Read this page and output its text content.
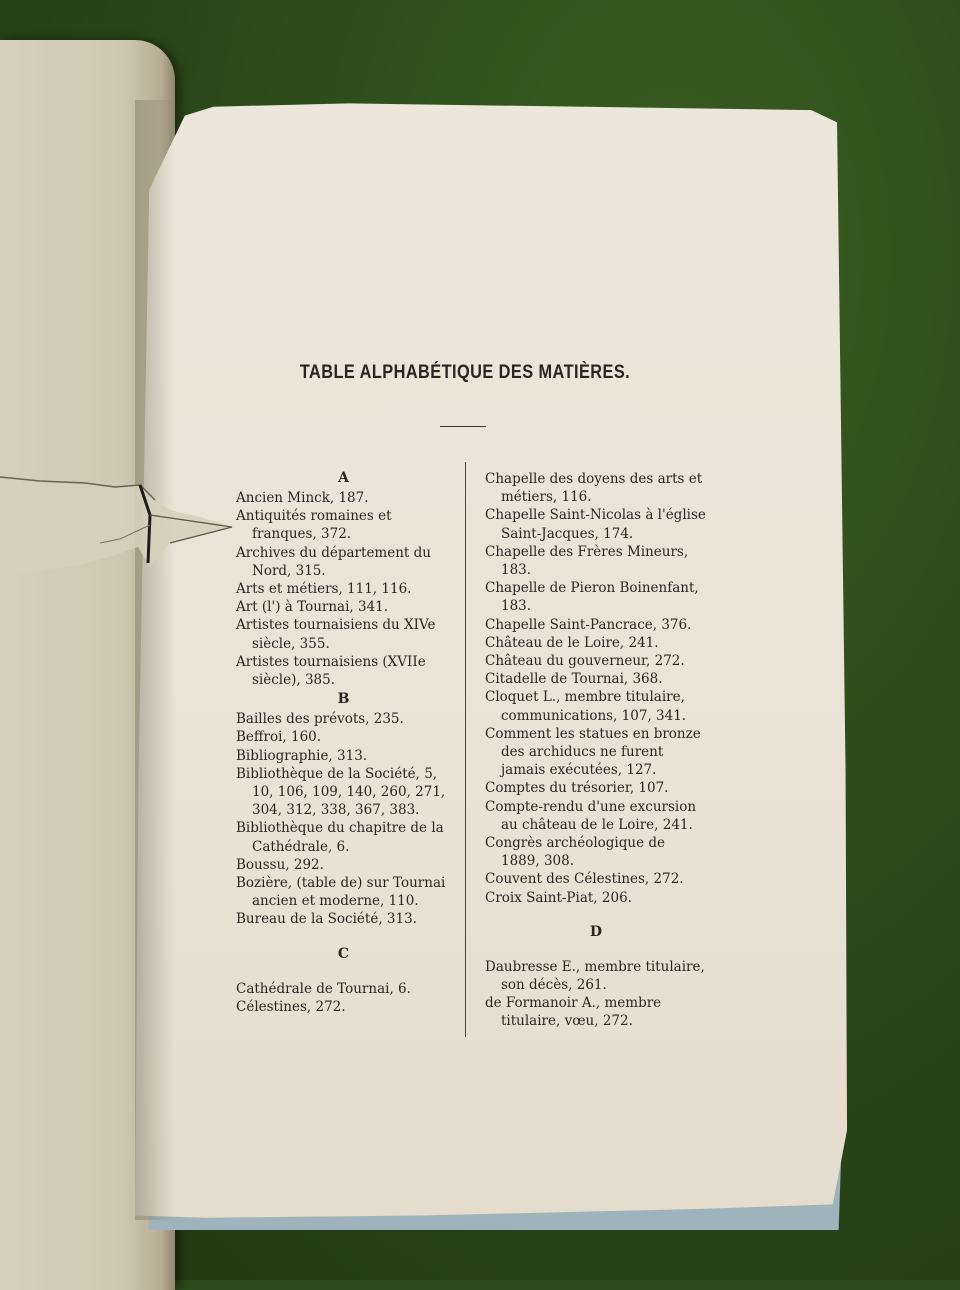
TABLE ALPHABÉTIQUE DES MATIÈRES.
A
Ancien Minck, 187.
Antiquités romaines et franques, 372.
Archives du département du Nord, 315.
Arts et métiers, 111, 116.
Art (l') à Tournai, 341.
Artistes tournaisiens du XIVe siècle, 355.
Artistes tournaisiens (XVIIe siècle), 385.
B
Bailles des prévots, 235.
Beffroi, 160.
Bibliographie, 313.
Bibliothèque de la Société, 5, 10, 106, 109, 140, 260, 271, 304, 312, 338, 367, 383.
Bibliothèque du chapitre de la Cathédrale, 6.
Boussu, 292.
Bozière, (table de) sur Tournai ancien et moderne, 110.
Bureau de la Société, 313.
C
Cathédrale de Tournai, 6.
Célestines, 272.
Chapelle des doyens des arts et métiers, 116.
Chapelle Saint-Nicolas à l'église Saint-Jacques, 174.
Chapelle des Frères Mineurs, 183.
Chapelle de Pieron Boinenfant, 183.
Chapelle Saint-Pancrace, 376.
Château de le Loire, 241.
Château du gouverneur, 272.
Citadelle de Tournai, 368.
Cloquet L., membre titulaire, communications, 107, 341.
Comment les statues en bronze des archiducs ne furent jamais exécutées, 127.
Comptes du trésorier, 107.
Compte-rendu d'une excursion au château de le Loire, 241.
Congrès archéologique de 1889, 308.
Couvent des Célestines, 272.
Croix Saint-Piat, 206.
D
Daubresse E., membre titulaire, son décès, 261.
de Formanoir A., membre titulaire, vœu, 272.
